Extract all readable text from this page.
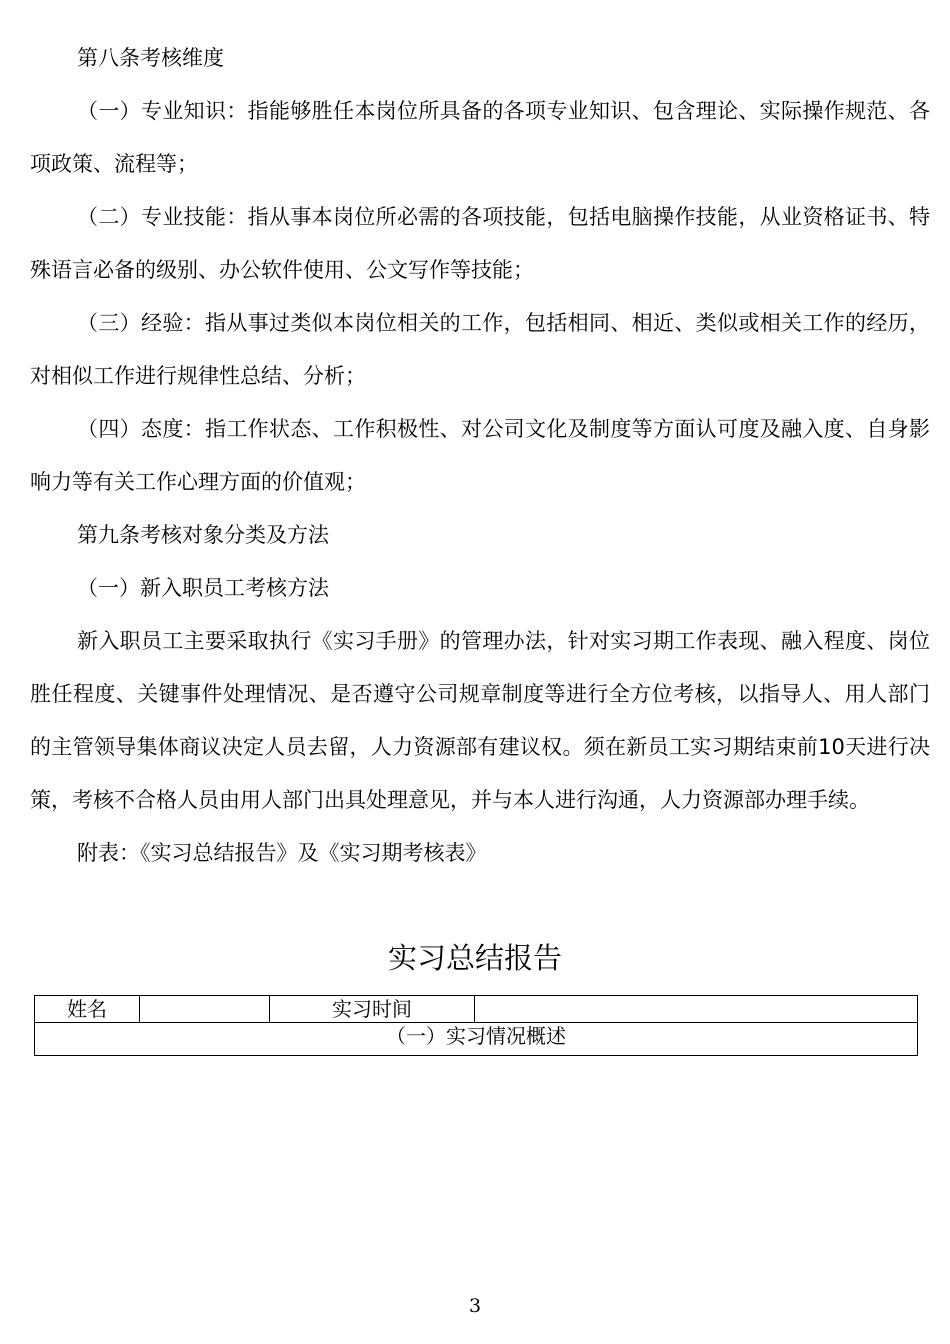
第八条考核维度

（一）专业知识：指能够胜任本岗位所具备的各项专业知识、包含理论、实际操作规范、各项政策、流程等；

（二）专业技能：指从事本岗位所必需的各项技能，包括电脑操作技能，从业资格证书、特殊语言必备的级别、办公软件使用、公文写作等技能；

（三）经验：指从事过类似本岗位相关的工作，包括相同、相近、类似或相关工作的经历，对相似工作进行规律性总结、分析；

（四）态度：指工作状态、工作积极性、对公司文化及制度等方面认可度及融入度、自身影响力等有关工作心理方面的价值观；

第九条考核对象分类及方法

（一）新入职员工考核方法

新入职员工主要采取执行《实习手册》的管理办法，针对实习期工作表现、融入程度、岗位胜任程度、关键事件处理情况、是否遵守公司规章制度等进行全方位考核，以指导人、用人部门的主管领导集体商议决定人员去留，人力资源部有建议权。须在新员工实习期结束前10天进行决策，考核不合格人员由用人部门出具处理意见，并与本人进行沟通，人力资源部办理手续。

附表：《实习总结报告》及《实习期考核表》

实习总结报告
姓名		实习时间	
（一）实习情况概述
3
